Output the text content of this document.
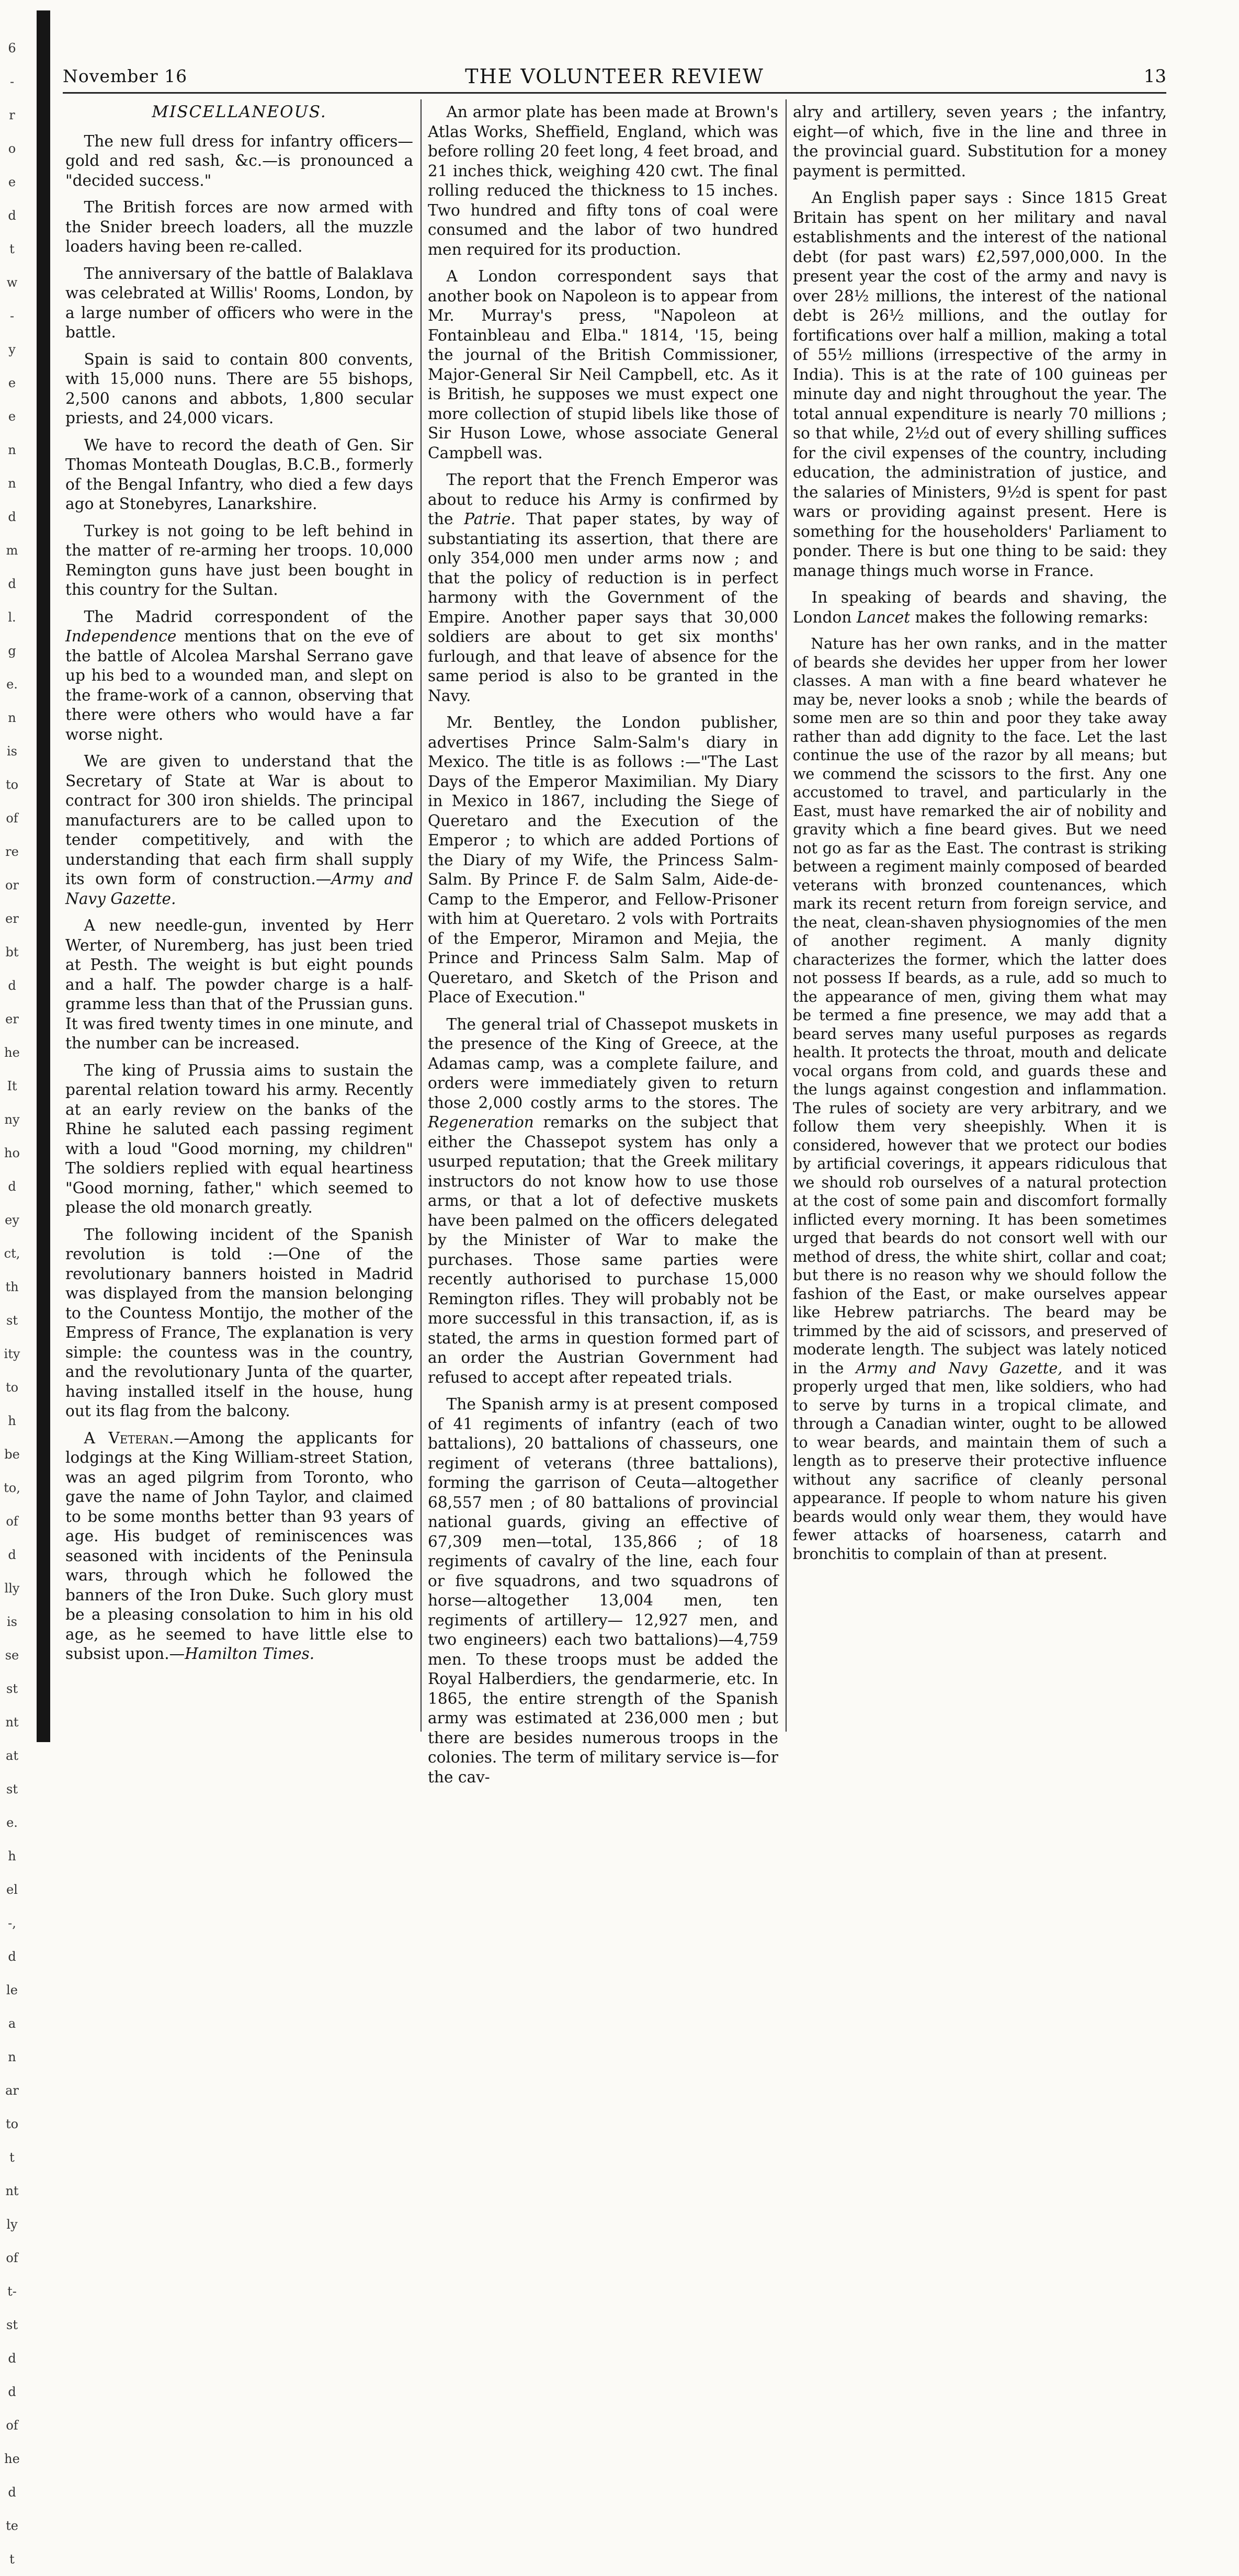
6
-
r
o
e
d
t
w
-
y
e
e
n
n
d
m
d
l.
g
e.
n
is
to
of
re
or
er
bt
d
er
he
It
ny
ho
d
ey
ct,
th
st
ity
to
h
be
to,
of
d
lly
is
se
st
nt
at
st
e.
h
el
-,
d
le
a
n
ar
to
t
nt
ly
of
t-
st
d
d
of
he
d
te
t
November 16	THE VOLUNTEER REVIEW	13
MISCELLANEOUS.

The new full dress for infantry officers—gold and red sash, &c.—is pronounced a "decided success."

The British forces are now armed with the Snider breech loaders, all the muzzle loaders having been re-called.

The anniversary of the battle of Balaklava was celebrated at Willis' Rooms, London, by a large number of officers who were in the battle.

Spain is said to contain 800 convents, with 15,000 nuns. There are 55 bishops, 2,500 canons and abbots, 1,800 secular priests, and 24,000 vicars.

We have to record the death of Gen. Sir Thomas Monteath Douglas, B.C.B., formerly of the Bengal Infantry, who died a few days ago at Stonebyres, Lanarkshire.

Turkey is not going to be left behind in the matter of re-arming her troops. 10,000 Remington guns have just been bought in this country for the Sultan.

The Madrid correspondent of the Independence mentions that on the eve of the battle of Alcolea Marshal Serrano gave up his bed to a wounded man, and slept on the frame-work of a cannon, observing that there were others who would have a far worse night.

We are given to understand that the Secretary of State at War is about to contract for 300 iron shields. The principal manufacturers are to be called upon to tender competitively, and with the understanding that each firm shall supply its own form of construction.—Army and Navy Gazette.

A new needle-gun, invented by Herr Werter, of Nuremberg, has just been tried at Pesth. The weight is but eight pounds and a half. The powder charge is a half-gramme less than that of the Prussian guns. It was fired twenty times in one minute, and the number can be increased.

The king of Prussia aims to sustain the parental relation toward his army. Recently at an early review on the banks of the Rhine he saluted each passing regiment with a loud "Good morning, my children" The soldiers replied with equal heartiness "Good morning, father," which seemed to please the old monarch greatly.

The following incident of the Spanish revolution is told :—One of the revolutionary banners hoisted in Madrid was displayed from the mansion belonging to the Countess Montijo, the mother of the Empress of France, The explanation is very simple: the countess was in the country, and the revolutionary Junta of the quarter, having installed itself in the house, hung out its flag from the balcony.

A Veteran.—Among the applicants for lodgings at the King William-street Station, was an aged pilgrim from Toronto, who gave the name of John Taylor, and claimed to be some months better than 93 years of age. His budget of reminiscences was seasoned with incidents of the Peninsula wars, through which he followed the banners of the Iron Duke. Such glory must be a pleasing consolation to him in his old age, as he seemed to have little else to subsist upon.—Hamilton Times.

An armor plate has been made at Brown's Atlas Works, Sheffield, England, which was before rolling 20 feet long, 4 feet broad, and 21 inches thick, weighing 420 cwt. The final rolling reduced the thickness to 15 inches. Two hundred and fifty tons of coal were consumed and the labor of two hundred men required for its production.

A London correspondent says that another book on Napoleon is to appear from Mr. Murray's press, "Napoleon at Fontainbleau and Elba." 1814, '15, being the journal of the British Commissioner, Major-General Sir Neil Campbell, etc. As it is British, he supposes we must expect one more collection of stupid libels like those of Sir Huson Lowe, whose associate General Campbell was.

The report that the French Emperor was about to reduce his Army is confirmed by the Patrie. That paper states, by way of substantiating its assertion, that there are only 354,000 men under arms now ; and that the policy of reduction is in perfect harmony with the Government of the Empire. Another paper says that 30,000 soldiers are about to get six months' furlough, and that leave of absence for the same period is also to be granted in the Navy.

Mr. Bentley, the London publisher, advertises Prince Salm-Salm's diary in Mexico. The title is as follows :—"The Last Days of the Emperor Maximilian. My Diary in Mexico in 1867, including the Siege of Queretaro and the Execution of the Emperor ; to which are added Portions of the Diary of my Wife, the Princess Salm-Salm. By Prince F. de Salm Salm, Aide-de-Camp to the Emperor, and Fellow-Prisoner with him at Queretaro. 2 vols with Portraits of the Emperor, Miramon and Mejia, the Prince and Princess Salm Salm. Map of Queretaro, and Sketch of the Prison and Place of Execution."

The general trial of Chassepot muskets in the presence of the King of Greece, at the Adamas camp, was a complete failure, and orders were immediately given to return those 2,000 costly arms to the stores. The Regeneration remarks on the subject that either the Chassepot system has only a usurped reputation; that the Greek military instructors do not know how to use those arms, or that a lot of defective muskets have been palmed on the officers delegated by the Minister of War to make the purchases. Those same parties were recently authorised to purchase 15,000 Remington rifles. They will probably not be more successful in this transaction, if, as is stated, the arms in question formed part of an order the Austrian Government had refused to accept after repeated trials.

The Spanish army is at present composed of 41 regiments of infantry (each of two battalions), 20 battalions of chasseurs, one regiment of veterans (three battalions), forming the garrison of Ceuta—altogether 68,557 men ; of 80 battalions of provincial national guards, giving an effective of 67,309 men—total, 135,866 ; of 18 regiments of cavalry of the line, each four or five squadrons, and two squadrons of horse—altogether 13,004 men, ten regiments of artillery— 12,927 men, and two engineers) each two battalions)—4,759 men. To these troops must be added the Royal Halberdiers, the gendarmerie, etc. In 1865, the entire strength of the Spanish army was estimated at 236,000 men ; but there are besides numerous troops in the colonies. The term of military service is—for the cav-

alry and artillery, seven years ; the infantry, eight—of which, five in the line and three in the provincial guard. Substitution for a money payment is permitted.

An English paper says : Since 1815 Great Britain has spent on her military and naval establishments and the interest of the national debt (for past wars) £2,597,000,000. In the present year the cost of the army and navy is over 28½ millions, the interest of the national debt is 26½ millions, and the outlay for fortifications over half a million, making a total of 55½ millions (irrespective of the army in India). This is at the rate of 100 guineas per minute day and night throughout the year. The total annual expenditure is nearly 70 millions ; so that while, 2½d out of every shilling suffices for the civil expenses of the country, including education, the administration of justice, and the salaries of Ministers, 9½d is spent for past wars or providing against present. Here is something for the householders' Parliament to ponder. There is but one thing to be said: they manage things much worse in France.

In speaking of beards and shaving, the London Lancet makes the following remarks:

Nature has her own ranks, and in the matter of beards she devides her upper from her lower classes. A man with a fine beard whatever he may be, never looks a snob ; while the beards of some men are so thin and poor they take away rather than add dignity to the face. Let the last continue the use of the razor by all means; but we commend the scissors to the first. Any one accustomed to travel, and particularly in the East, must have remarked the air of nobility and gravity which a fine beard gives. But we need not go as far as the East. The contrast is striking between a regiment mainly composed of bearded veterans with bronzed countenances, which mark its recent return from foreign service, and the neat, clean-shaven physiognomies of the men of another regiment. A manly dignity characterizes the former, which the latter does not possess If beards, as a rule, add so much to the appearance of men, giving them what may be termed a fine presence, we may add that a beard serves many useful purposes as regards health. It protects the throat, mouth and delicate vocal organs from cold, and guards these and the lungs against congestion and inflammation. The rules of society are very arbitrary, and we follow them very sheepishly. When it is considered, however that we protect our bodies by artificial coverings, it appears ridiculous that we should rob ourselves of a natural protection at the cost of some pain and discomfort formally inflicted every morning. It has been sometimes urged that beards do not consort well with our method of dress, the white shirt, collar and coat; but there is no reason why we should follow the fashion of the East, or make ourselves appear like Hebrew patriarchs. The beard may be trimmed by the aid of scissors, and preserved of moderate length. The subject was lately noticed in the Army and Navy Gazette, and it was properly urged that men, like soldiers, who had to serve by turns in a tropical climate, and through a Canadian winter, ought to be allowed to wear beards, and maintain them of such a length as to preserve their protective influence without any sacrifice of cleanly personal appearance. If people to whom nature his given beards would only wear them, they would have fewer attacks of hoarseness, catarrh and bronchitis to complain of than at present.
